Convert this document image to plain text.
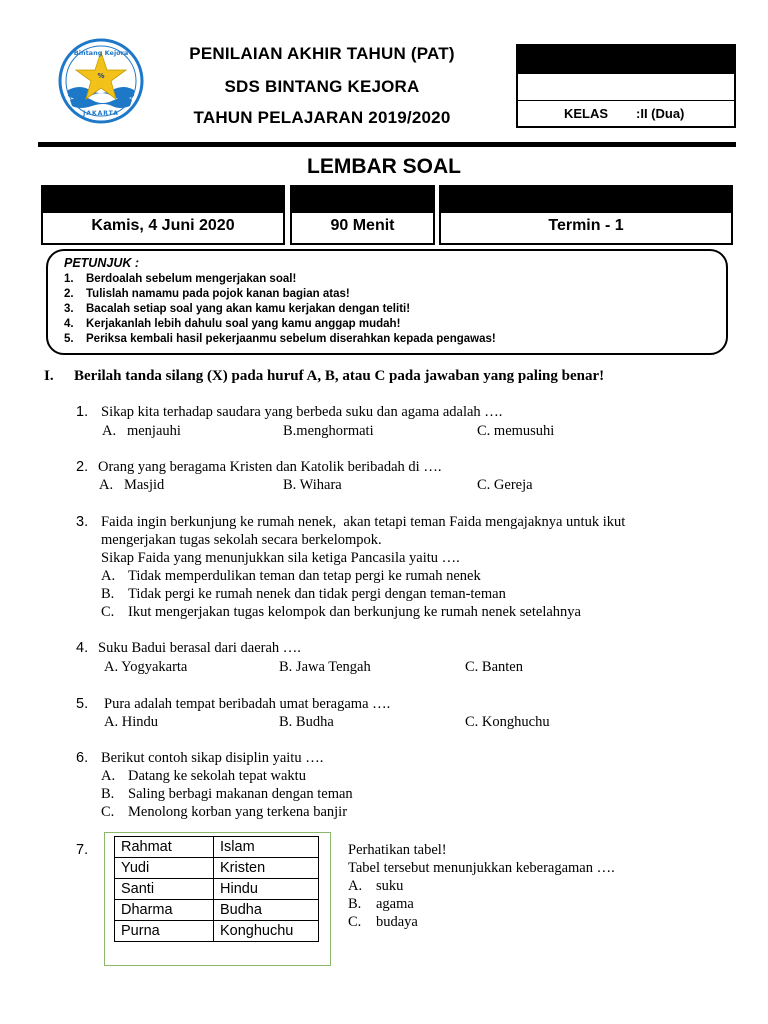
%
Bintang Kejora
JAKARTA
PENILAIAN AKHIR TAHUN (PAT)
SDS BINTANG KEJORA
TAHUN PELAJARAN 2019/2020	KELAS :II (Dua)
LEMBAR SOAL
Kamis, 4 Juni 2020	90 Menit	Termin - 1
PETUNJUK :
1. Berdoalah sebelum mengerjakan soal!
2. Tulislah namamu pada pojok kanan bagian atas!
3. Bacalah setiap soal yang akan kamu kerjakan dengan teliti!
4. Kerjakanlah lebih dahulu soal yang kamu anggap mudah!
5. Periksa kembali hasil pekerjaanmu sebelum diserahkan kepada pengawas!
I. Berilah tanda silang (X) pada huruf A, B, atau C pada jawaban yang paling benar!
1. Sikap kita terhadap saudara yang berbeda suku dan agama adalah ….
A.   menjauhi	B.menghormati	C. memusuhi
2. Orang yang beragama Kristen dan Katolik beribadah di ….
A.   Masjid	B. Wihara	C. Gereja
3. Faida ingin berkunjung ke rumah nenek,  akan tetapi teman Faida mengajaknya untuk ikut
mengerjakan tugas sekolah secara berkelompok.
Sikap Faida yang menunjukkan sila ketiga Pancasila yaitu ….
A. Tidak memperdulikan teman dan tetap pergi ke rumah nenek
B. Tidak pergi ke rumah nenek dan tidak pergi dengan teman-teman
C. Ikut mengerjakan tugas kelompok dan berkunjung ke rumah nenek setelahnya
4. Suku Badui berasal dari daerah ….
A. Yogyakarta	B. Jawa Tengah	C. Banten
5. Pura adalah tempat beribadah umat beragama ….
A. Hindu	B. Budha	C. Konghuchu
6. Berikut contoh sikap disiplin yaitu ….
A. Datang ke sekolah tepat waktu
B. Saling berbagi makanan dengan teman
C. Menolong korban yang terkena banjir
7. Rahmat	Islam
Yudi	Kristen
Santi	Hindu
Dharma	Budha
Purna	Konghuchu
Perhatikan tabel!
Tabel tersebut menunjukkan keberagaman ….
A. suku
B. agama
C. budaya
